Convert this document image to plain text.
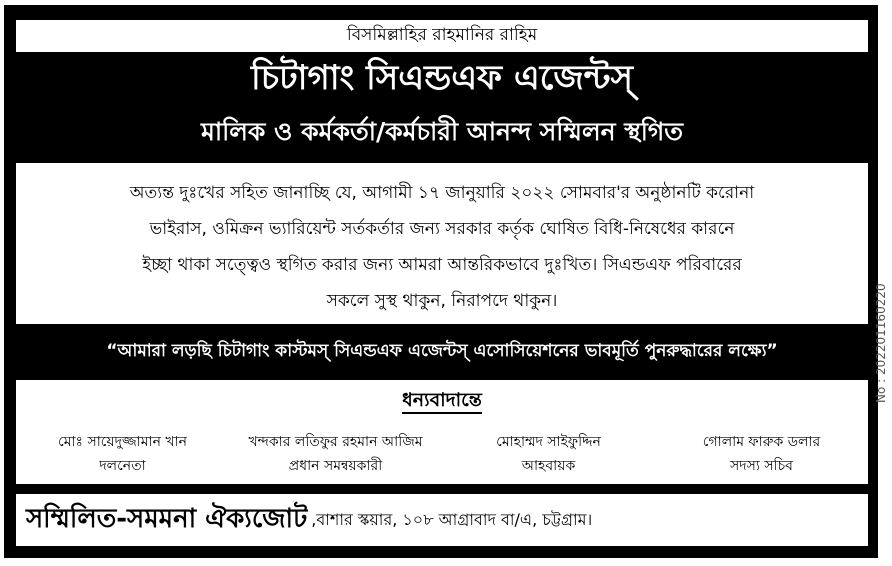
বিসমিল্লাহির রাহমানির রাহিম
চিটাগাং সিএন্ডএফ এজেন্টস্
মালিক ও কর্মকর্তা/কর্মচারী আনন্দ সম্মিলন স্থগিত
অত্যন্ত দুঃখের সহিত জানাচ্ছি যে, আগামী ১৭ জানুয়ারি ২০২২ সোমবার'র অনুষ্ঠানটি করোনা
ভাইরাস, ওমিক্রন ভ্যারিয়েন্ট সর্তকর্তার জন্য সরকার কর্তৃক ঘোষিত বিধি-নিষেধের কারনে
ইচ্ছা থাকা সত্ত্বেও স্থগিত করার জন্য আমরা আন্তরিকভাবে দুঃখিত। সিএন্ডএফ পরিবারের
সকলে সুস্থ থাকুন, নিরাপদে থাকুন।
“আমারা লড়ছি চিটাগাং কাস্টমস্ সিএন্ডএফ এজেন্টস্ এসোসিয়েশনের ভাবমূর্তি পুনরুদ্ধারের লক্ষ্যে”
ধন্যবাদান্তে
মোঃ সায়েদুজ্জামান খান
দলনেতা
খন্দকার লতিফুর রহমান আজিম
প্রধান সমন্বয়কারী
মোহাম্মদ সাইফুদ্দিন
আহবায়ক
গোলাম ফারুক ডলার
সদস্য সচিব
সম্মিলিত-সমমনা ঐক্যজোট ,বাশার স্কয়ার, ১০৮ আগ্রাবাদ বা/এ, চট্টগ্রাম।
No : 202201160220
